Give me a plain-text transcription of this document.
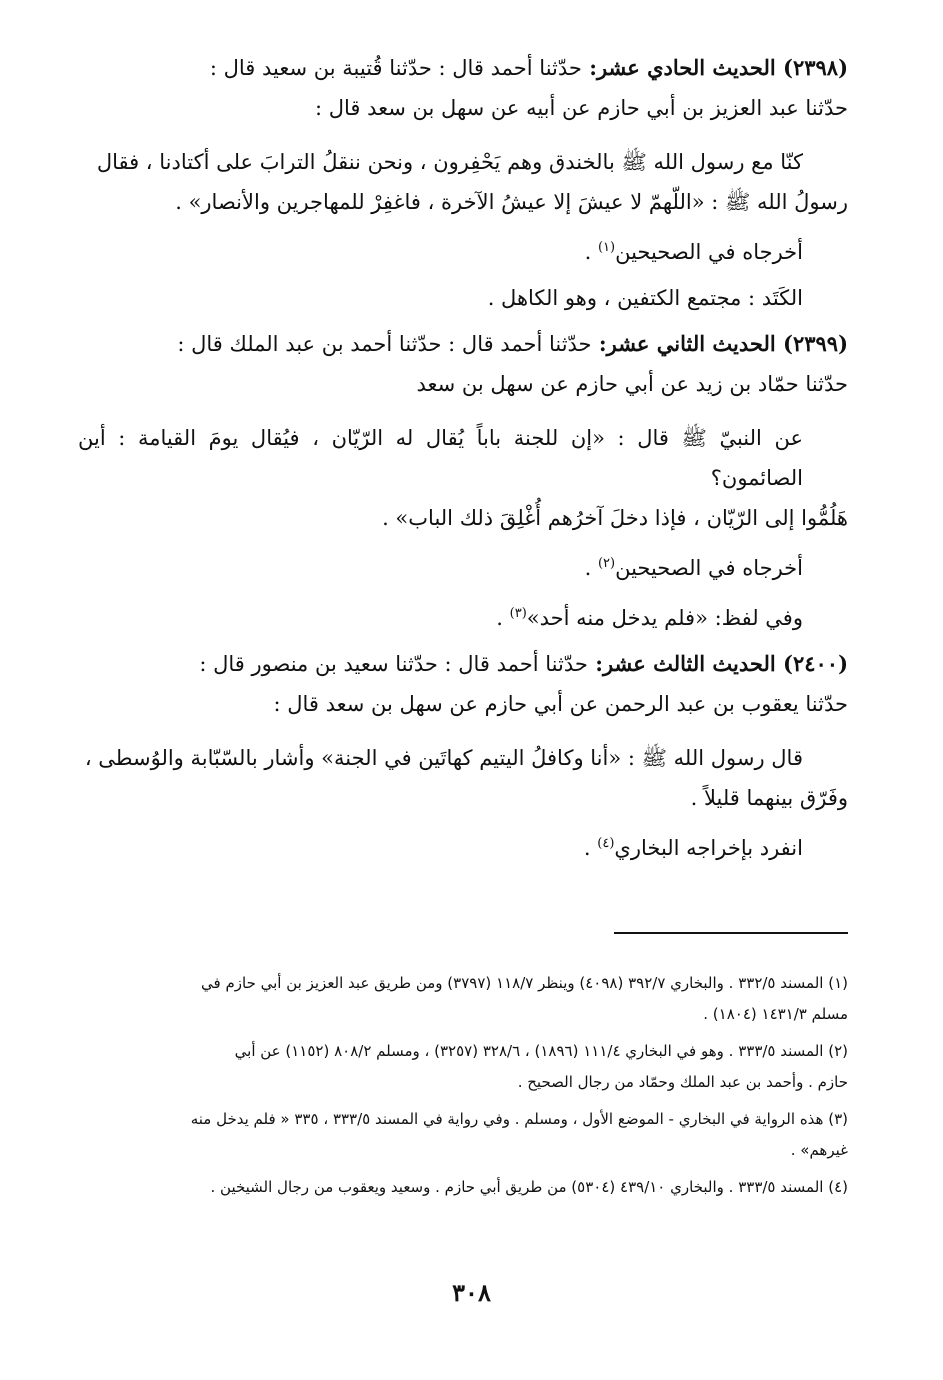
(٢٣٩٨) الحديث الحادي عشر: حدّثنا أحمد قال : حدّثنا قُتيبة بن سعيد قال :

حدّثنا عبد العزيز بن أبي حازم عن أبيه عن سهل بن سعد قال :

كنّا مع رسول الله ﷺ بالخندق وهم يَحْفِرون ، ونحن ننقلُ الترابَ على أكتادنا ، فقال

رسولُ الله ﷺ : «اللّهمّ لا عيشَ إلا عيشُ الآخرة ، فاغفِرْ للمهاجرين والأنصار» .

أخرجاه في الصحيحين$^{(١)}$ .

الكَتَد : مجتمع الكتفين ، وهو الكاهل .

(٢٣٩٩) الحديث الثاني عشر: حدّثنا أحمد قال : حدّثنا أحمد بن عبد الملك قال :

حدّثنا حمّاد بن زيد عن أبي حازم عن سهل بن سعد

عن النبيّ ﷺ قال : «إن للجنة باباً يُقال له الرّيّان ، فيُقال يومَ القيامة : أين الصائمون؟

هَلُمُّوا إلى الرّيّان ، فإذا دخلَ آخرُهم أُغْلِقَ ذلك الباب» .

أخرجاه في الصحيحين$^{(٢)}$ .

وفي لفظ: «فلم يدخل منه أحد»$^{(٣)}$ .

(٢٤٠٠) الحديث الثالث عشر: حدّثنا أحمد قال : حدّثنا سعيد بن منصور قال :

حدّثنا يعقوب بن عبد الرحمن عن أبي حازم عن سهل بن سعد قال :

قال رسول الله ﷺ : «أنا وكافلُ اليتيم كهاتَين في الجنة» وأشار بالسّبّابة والوُسطى ،

وفَرّق بينهما قليلاً .

انفرد بإخراجه البخاري$^{(٤)}$ .

(١) المسند ٣٣٢/٥ . والبخاري ٣٩٢/٧ (٤٠٩٨) وينظر ١١٨/٧ (٣٧٩٧) ومن طريق عبد العزيز بن أبي حازم في
مسلم ١٤٣١/٣ (١٨٠٤) .

(٢) المسند ٣٣٣/٥ . وهو في البخاري ١١١/٤ (١٨٩٦) ، ٣٢٨/٦ (٣٢٥٧) ، ومسلم ٨٠٨/٢ (١١٥٢) عن أبي
حازم . وأحمد بن عبد الملك وحمّاد من رجال الصحيح .

(٣) هذه الرواية في البخاري - الموضع الأول ، ومسلم . وفي رواية في المسند ٣٣٣/٥ ، ٣٣٥ « فلم يدخل منه
غيرهم» .

(٤) المسند ٣٣٣/٥ . والبخاري ٤٣٩/١٠ (٥٣٠٤) من طريق أبي حازم . وسعيد ويعقوب من رجال الشيخين .

٣٠٨
